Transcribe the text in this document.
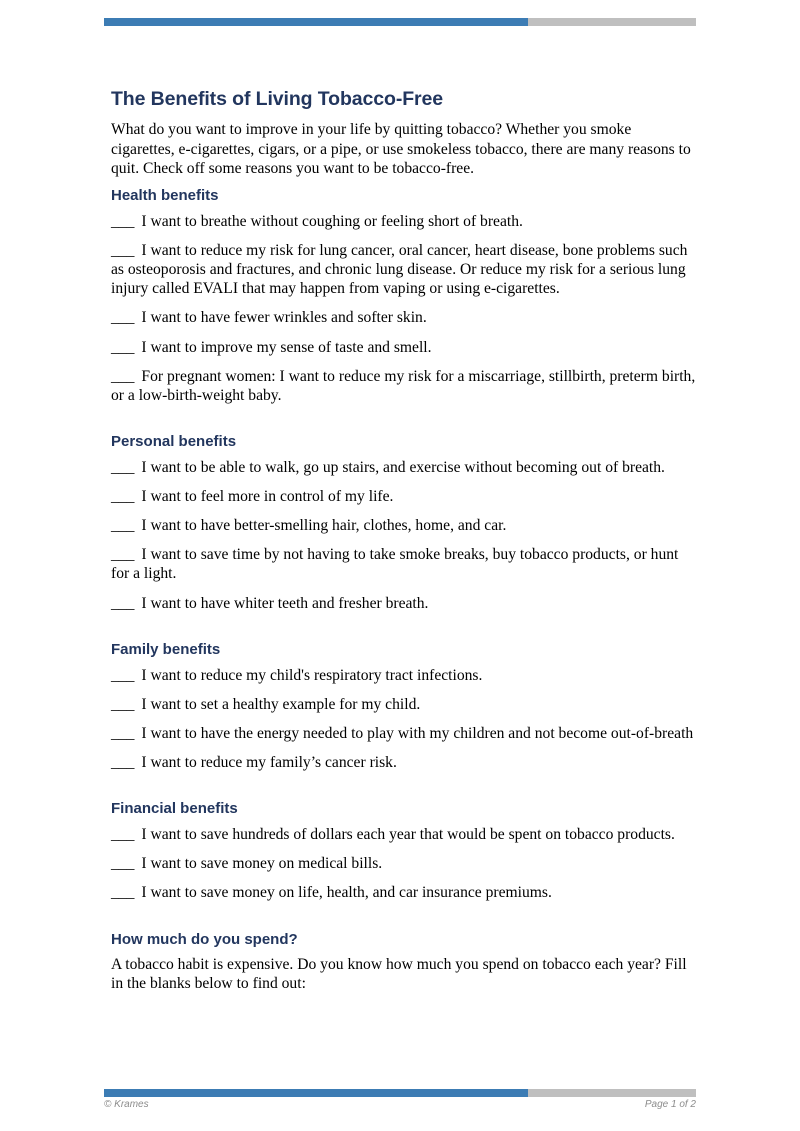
The Benefits of Living Tobacco-Free

What do you want to improve in your life by quitting tobacco? Whether you smoke cigarettes, e-cigarettes, cigars, or a pipe, or use smokeless tobacco, there are many reasons to quit. Check off some reasons you want to be tobacco-free.

Health benefits

___ I want to breathe without coughing or feeling short of breath.

___ I want to reduce my risk for lung cancer, oral cancer, heart disease, bone problems such as osteoporosis and fractures, and chronic lung disease. Or reduce my risk for a serious lung injury called EVALI that may happen from vaping or using e-cigarettes.

___ I want to have fewer wrinkles and softer skin.

___ I want to improve my sense of taste and smell.

___ For pregnant women: I want to reduce my risk for a miscarriage, stillbirth, preterm birth, or a low-birth-weight baby.

Personal benefits

___ I want to be able to walk, go up stairs, and exercise without becoming out of breath.

___ I want to feel more in control of my life.

___ I want to have better-smelling hair, clothes, home, and car.

___ I want to save time by not having to take smoke breaks, buy tobacco products, or hunt for a light.

___ I want to have whiter teeth and fresher breath.

Family benefits

___ I want to reduce my child's respiratory tract infections.

___ I want to set a healthy example for my child.

___ I want to have the energy needed to play with my children and not become out-of-breath

___ I want to reduce my family’s cancer risk.

Financial benefits

___ I want to save hundreds of dollars each year that would be spent on tobacco products.

___ I want to save money on medical bills.

___ I want to save money on life, health, and car insurance premiums.

How much do you spend?

A tobacco habit is expensive. Do you know how much you spend on tobacco each year? Fill in the blanks below to find out:

© Krames	Page 1 of 2
